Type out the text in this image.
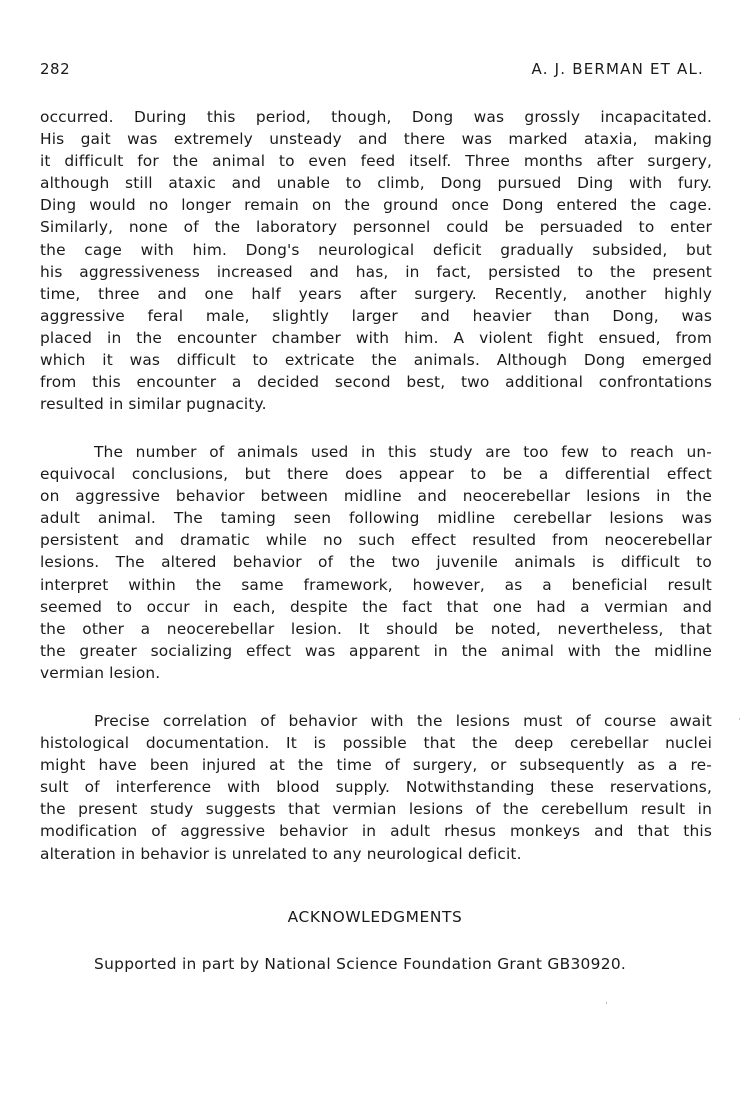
282	A. J. BERMAN ET AL.
occurred. During this period, though, Dong was grossly incapacitated.
His gait was extremely unsteady and there was marked ataxia, making
it difficult for the animal to even feed itself. Three months after surgery,
although still ataxic and unable to climb, Dong pursued Ding with fury.
Ding would no longer remain on the ground once Dong entered the cage.
Similarly, none of the laboratory personnel could be persuaded to enter
the cage with him. Dong's neurological deficit gradually subsided, but
his aggressiveness increased and has, in fact, persisted to the present
time, three and one half years after surgery. Recently, another highly
aggressive feral male, slightly larger and heavier than Dong, was
placed in the encounter chamber with him. A violent fight ensued, from
which it was difficult to extricate the animals. Although Dong emerged
from this encounter a decided second best, two additional confrontations
resulted in similar pugnacity.
The number of animals used in this study are too few to reach un-
equivocal conclusions, but there does appear to be a differential effect
on aggressive behavior between midline and neocerebellar lesions in the
adult animal. The taming seen following midline cerebellar lesions was
persistent and dramatic while no such effect resulted from neocerebellar
lesions. The altered behavior of the two juvenile animals is difficult to
interpret within the same framework, however, as a beneficial result
seemed to occur in each, despite the fact that one had a vermian and
the other a neocerebellar lesion. It should be noted, nevertheless, that
the greater socializing effect was apparent in the animal with the midline
vermian lesion.
Precise correlation of behavior with the lesions must of course await
histological documentation. It is possible that the deep cerebellar nuclei
might have been injured at the time of surgery, or subsequently as a re-
sult of interference with blood supply. Notwithstanding these reservations,
the present study suggests that vermian lesions of the cerebellum result in
modification of aggressive behavior in adult rhesus monkeys and that this
alteration in behavior is unrelated to any neurological deficit.
ACKNOWLEDGMENTS
Supported in part by National Science Foundation Grant GB30920.
